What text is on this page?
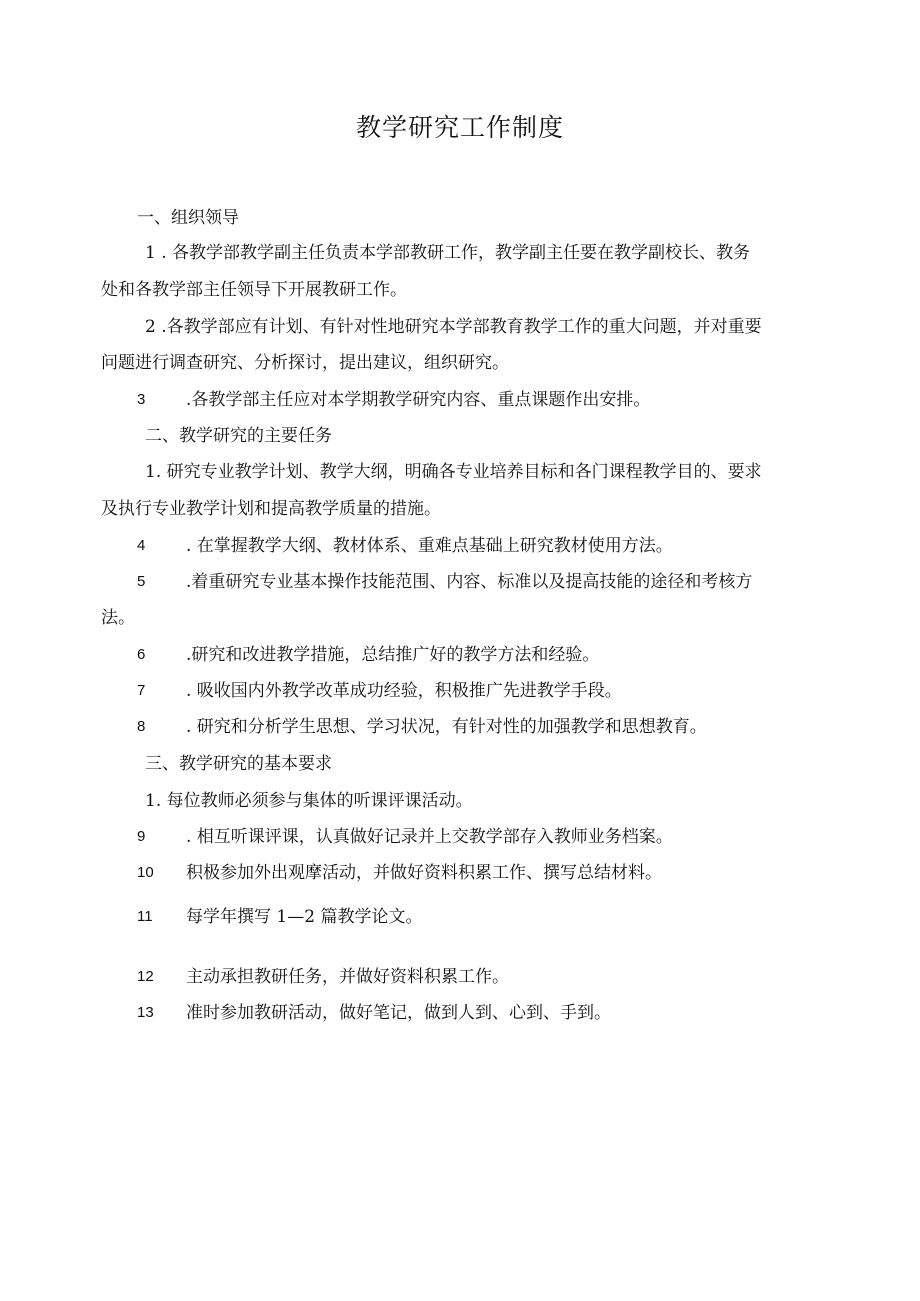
教学研究工作制度
一、组织领导
1 . 各教学部教学副主任负责本学部教研工作，教学副主任要在教学副校长、教务
处和各教学部主任领导下开展教研工作。
2 .各教学部应有计划、有针对性地研究本学部教育教学工作的重大问题，并对重要
问题进行调查研究、分析探讨，提出建议，组织研究。
3 .各教学部主任应对本学期教学研究内容、重点课题作出安排。
二、教学研究的主要任务
1. 研究专业教学计划、教学大纲，明确各专业培养目标和各门课程教学目的、要求
及执行专业教学计划和提高教学质量的措施。
4 . 在掌握教学大纲、教材体系、重难点基础上研究教材使用方法。
5 .着重研究专业基本操作技能范围、内容、标准以及提高技能的途径和考核方
法。
6 .研究和改进教学措施，总结推广好的教学方法和经验。
7 . 吸收国内外教学改革成功经验，积极推广先进教学手段。
8 . 研究和分析学生思想、学习状况，有针对性的加强教学和思想教育。
三、教学研究的基本要求
1. 每位教师必须参与集体的听课评课活动。
9 . 相互听课评课，认真做好记录并上交教学部存入教师业务档案。
10 积极参加外出观摩活动，并做好资料积累工作、撰写总结材料。
11 每学年撰写 1—2 篇教学论文。
12 主动承担教研任务，并做好资料积累工作。
13 准时参加教研活动，做好笔记，做到人到、心到、手到。
